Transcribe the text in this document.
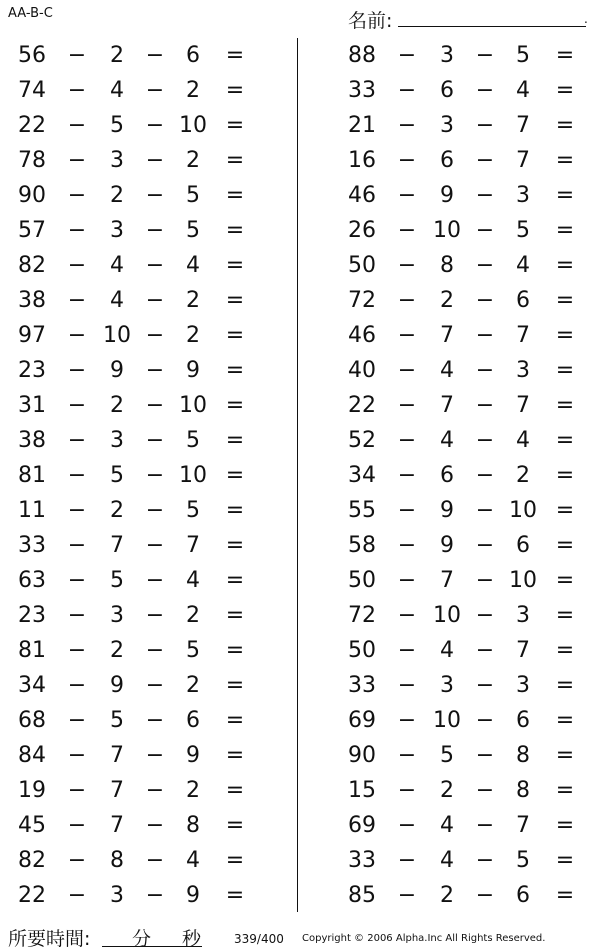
AA-B-C	名前:	.
56 −	2 − 6	=
74 −	4 − 2	=
22 −	5 − 10 =
78 −	3 − 2	=
90 −	2 − 5	=
57 −	3 − 5	=
82 −	4 − 4	=
38 −	4 − 2	=
97 − 10 − 2	=
23 −	9 − 9	=
31 −	2 − 10 =
38 −	3 − 5	=
81 −	5 − 10 =
11 −	2 − 5	=
33 −	7 − 7	=
63 −	5 − 4	=
23 −	3 − 2	=
81 −	2 − 5	=
34 −	9 − 2	=
68 −	5 − 6	=
84 −	7 − 9	=
19 −	7 − 2	=
45 −	7 − 8	=
82 −	8 − 4	=
22 −	3 − 9	=
88 −	3 − 5	=
33 −	6 − 4	=
21 −	3 − 7	=
16 −	6 − 7	=
46 −	9 − 3	=
26 − 10 − 5	=
50 −	8 − 4	=
72 −	2 − 6	=
46 −	7 − 7	=
40 −	4 − 3	=
22 −	7 − 7	=
52 −	4 − 4	=
34 −	6 − 2	=
55 −	9 − 10 =
58 −	9 − 6	=
50 −	7 − 10 =
72 − 10 − 3	=
50 −	4 − 7	=
33 −	3 − 3	=
69 − 10 − 6	=
90 −	5 − 8	=
15 −	2 − 8	=
69 −	4 − 7	=
33 −	4 − 5	=
85 −	2 − 6	=
所要時間: 分 秒	339/400 Copyright © 2006 Alpha.Inc All Rights Reserved.
